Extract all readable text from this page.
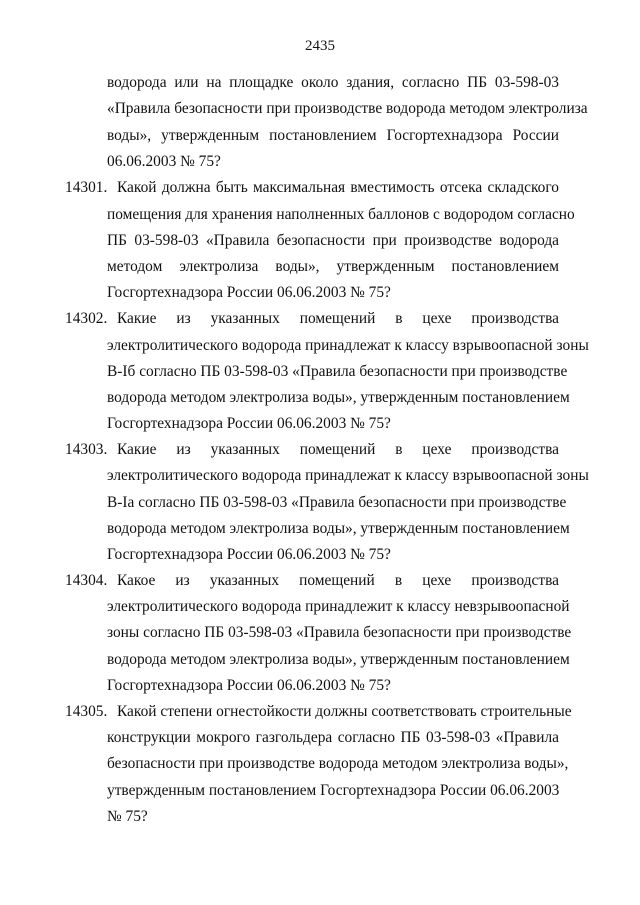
2435
водорода или на площадке около здания, согласно ПБ 03-598-03
«Правила безопасности при производстве водорода методом электролиза
воды», утвержденным постановлением Госгортехнадзора России
06.06.2003 № 75?
14301. Какой должна быть максимальная вместимость отсека складского
помещения для хранения наполненных баллонов с водородом согласно
ПБ 03-598-03 «Правила безопасности при производстве водорода
методом электролиза воды», утвержденным постановлением
Госгортехнадзора России 06.06.2003 № 75?
14302. Какие из указанных помещений в цехе производства
электролитического водорода принадлежат к классу взрывоопасной зоны
В-Iб согласно ПБ 03-598-03 «Правила безопасности при производстве
водорода методом электролиза воды», утвержденным постановлением
Госгортехнадзора России 06.06.2003 № 75?
14303. Какие из указанных помещений в цехе производства
электролитического водорода принадлежат к классу взрывоопасной зоны
В-Iа согласно ПБ 03-598-03 «Правила безопасности при производстве
водорода методом электролиза воды», утвержденным постановлением
Госгортехнадзора России 06.06.2003 № 75?
14304. Какое из указанных помещений в цехе производства
электролитического водорода принадлежит к классу невзрывоопасной
зоны согласно ПБ 03-598-03 «Правила безопасности при производстве
водорода методом электролиза воды», утвержденным постановлением
Госгортехнадзора России 06.06.2003 № 75?
14305. Какой степени огнестойкости должны соответствовать строительные
конструкции мокрого газгольдера согласно ПБ 03-598-03 «Правила
безопасности при производстве водорода методом электролиза воды»,
утвержденным постановлением Госгортехнадзора России 06.06.2003
№ 75?
